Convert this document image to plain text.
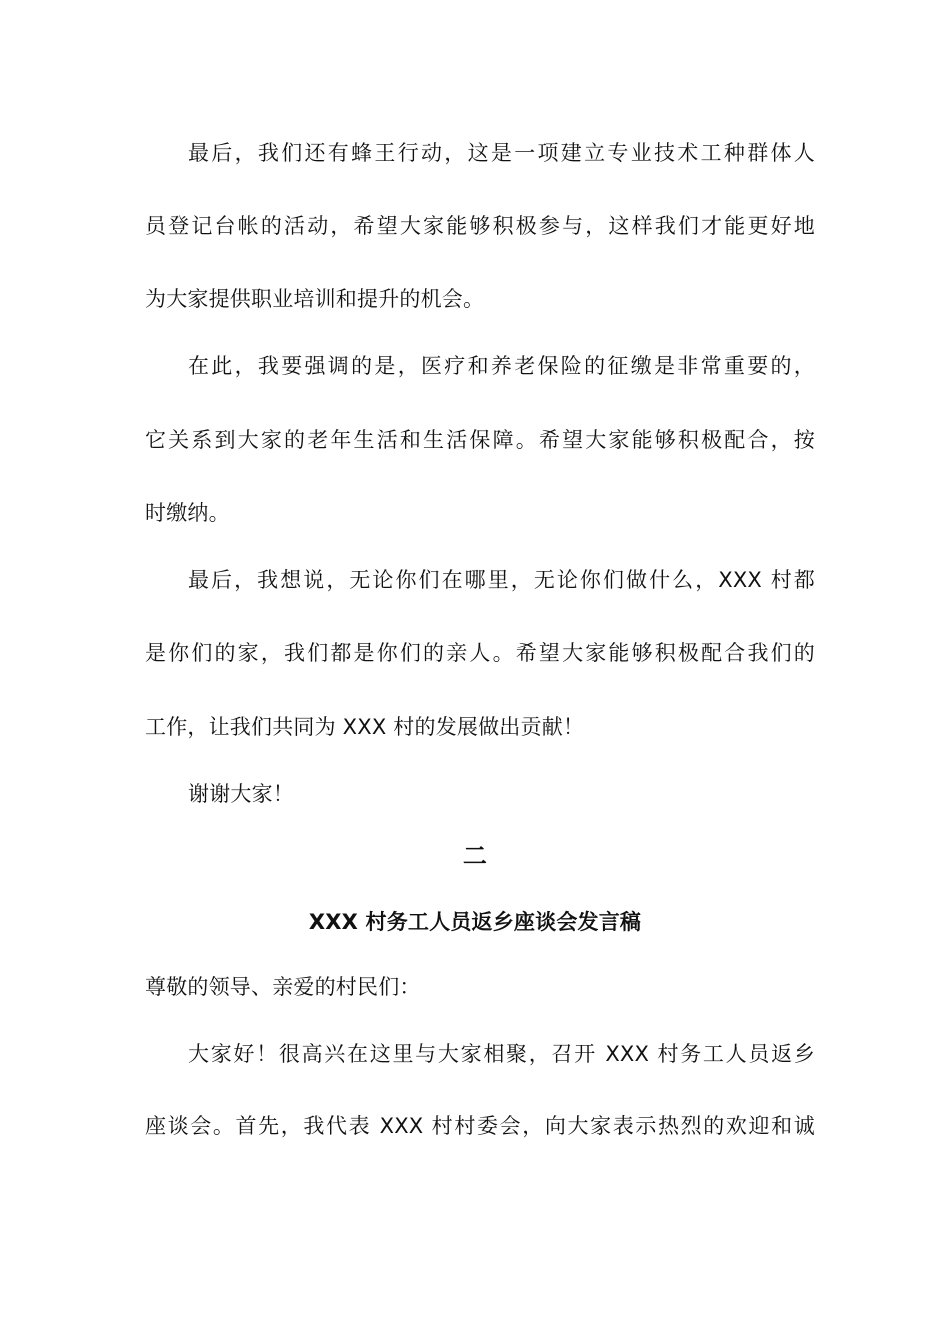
最后，我们还有蜂王行动，这是一项建立专业技术工种群体人
员登记台帐的活动，希望大家能够积极参与，这样我们才能更好地
为大家提供职业培训和提升的机会。
在此，我要强调的是，医疗和养老保险的征缴是非常重要的，
它关系到大家的老年生活和生活保障。希望大家能够积极配合，按
时缴纳。
最后，我想说，无论你们在哪里，无论你们做什么，XXX 村都
是你们的家，我们都是你们的亲人。希望大家能够积极配合我们的
工作，让我们共同为 XXX 村的发展做出贡献！
谢谢大家！
二
XXX 村务工人员返乡座谈会发言稿
尊敬的领导、亲爱的村民们：
大家好！很高兴在这里与大家相聚，召开 XXX 村务工人员返乡
座谈会。首先，我代表 XXX 村村委会，向大家表示热烈的欢迎和诚
